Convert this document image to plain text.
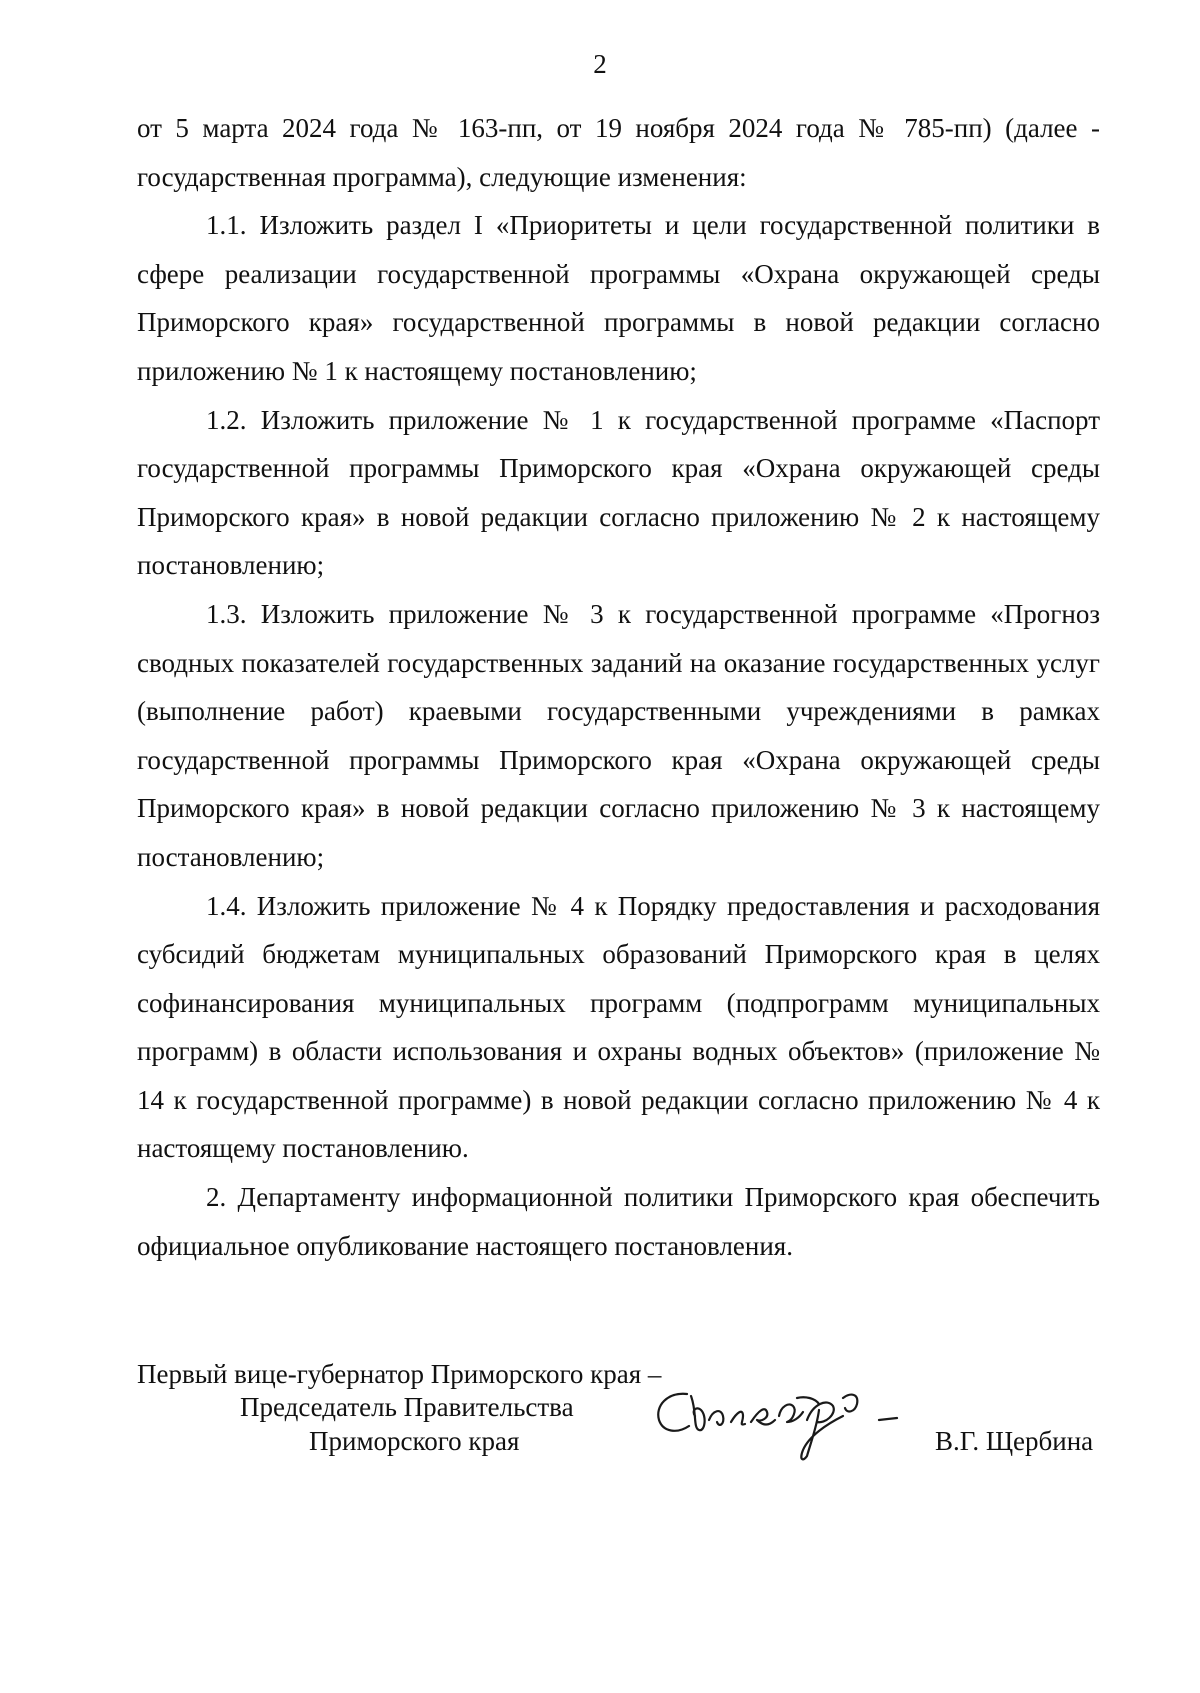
2

от 5 марта 2024 года № 163-пп, от 19 ноября 2024 года № 785-пп) (далее - государственная программа), следующие изменения:

1.1. Изложить раздел I «Приоритеты и цели государственной политики в сфере реализации государственной программы «Охрана окружающей среды Приморского края» государственной программы в новой редакции согласно приложению № 1 к настоящему постановлению;

1.2. Изложить приложение № 1 к государственной программе «Паспорт государственной программы Приморского края «Охрана окружающей среды Приморского края» в новой редакции согласно приложению № 2 к настоящему постановлению;

1.3. Изложить приложение № 3 к государственной программе «Прогноз сводных показателей государственных заданий на оказание государственных услуг (выполнение работ) краевыми государственными учреждениями в рамках государственной программы Приморского края «Охрана окружающей среды Приморского края» в новой редакции согласно приложению № 3 к настоящему постановлению;

1.4. Изложить приложение № 4 к Порядку предоставления и расходования субсидий бюджетам муниципальных образований Приморского края в целях софинансирования муниципальных программ (подпрограмм муниципальных программ) в области использования и охраны водных объектов» (приложение № 14 к государственной программе) в новой редакции согласно приложению № 4 к настоящему постановлению.

2. Департаменту информационной политики Приморского края обеспечить официальное опубликование настоящего постановления.

Первый вице-губернатор Приморского края –
Председатель Правительства
Приморского края	В.Г. Щербина
